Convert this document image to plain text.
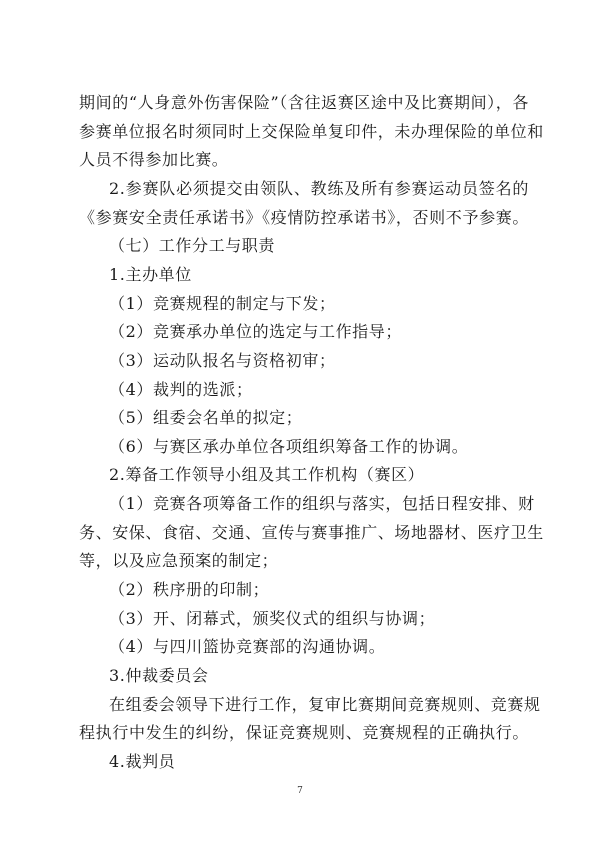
期间的“人身意外伤害保险”（含往返赛区途中及比赛期间），各
参赛单位报名时须同时上交保险单复印件，未办理保险的单位和
人员不得参加比赛。
2.参赛队必须提交由领队、教练及所有参赛运动员签名的
《参赛安全责任承诺书》《疫情防控承诺书》，否则不予参赛。
（七）工作分工与职责
1.主办单位
（1）竞赛规程的制定与下发；
（2）竞赛承办单位的选定与工作指导；
（3）运动队报名与资格初审；
（4）裁判的选派；
（5）组委会名单的拟定；
（6）与赛区承办单位各项组织筹备工作的协调。
2.筹备工作领导小组及其工作机构（赛区）
（1）竞赛各项筹备工作的组织与落实，包括日程安排、财
务、安保、食宿、交通、宣传与赛事推广、场地器材、医疗卫生
等，以及应急预案的制定；
（2）秩序册的印制；
（3）开、闭幕式，颁奖仪式的组织与协调；
7
（4）与四川篮协竞赛部的沟通协调。
3.仲裁委员会
在组委会领导下进行工作，复审比赛期间竞赛规则、竞赛规
程执行中发生的纠纷，保证竞赛规则、竞赛规程的正确执行。
4.裁判员
